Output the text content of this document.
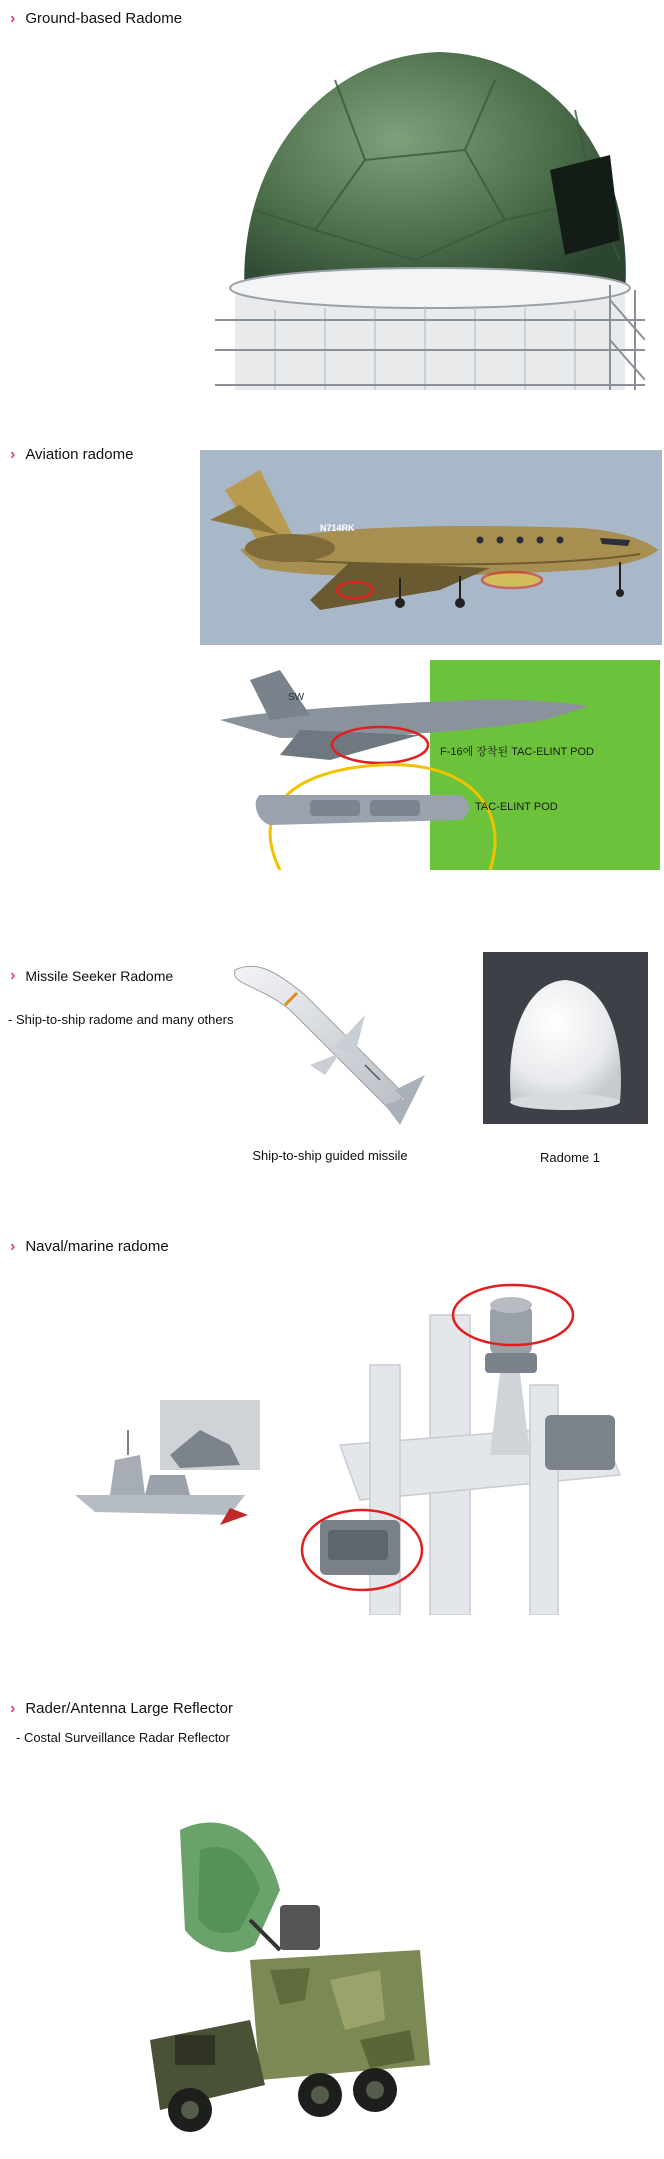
› Ground-based Radome
› Aviation radome
N714RK
SW
F-16에 장착된 TAC-ELINT POD
TAC-ELINT POD
› Missile Seeker Radome
- Ship-to-ship radome and many others
Ship-to-ship guided missile	Radome 1
› Naval/marine radome
› Rader/Antenna Large Reflector
- Costal Surveillance Radar Reflector
